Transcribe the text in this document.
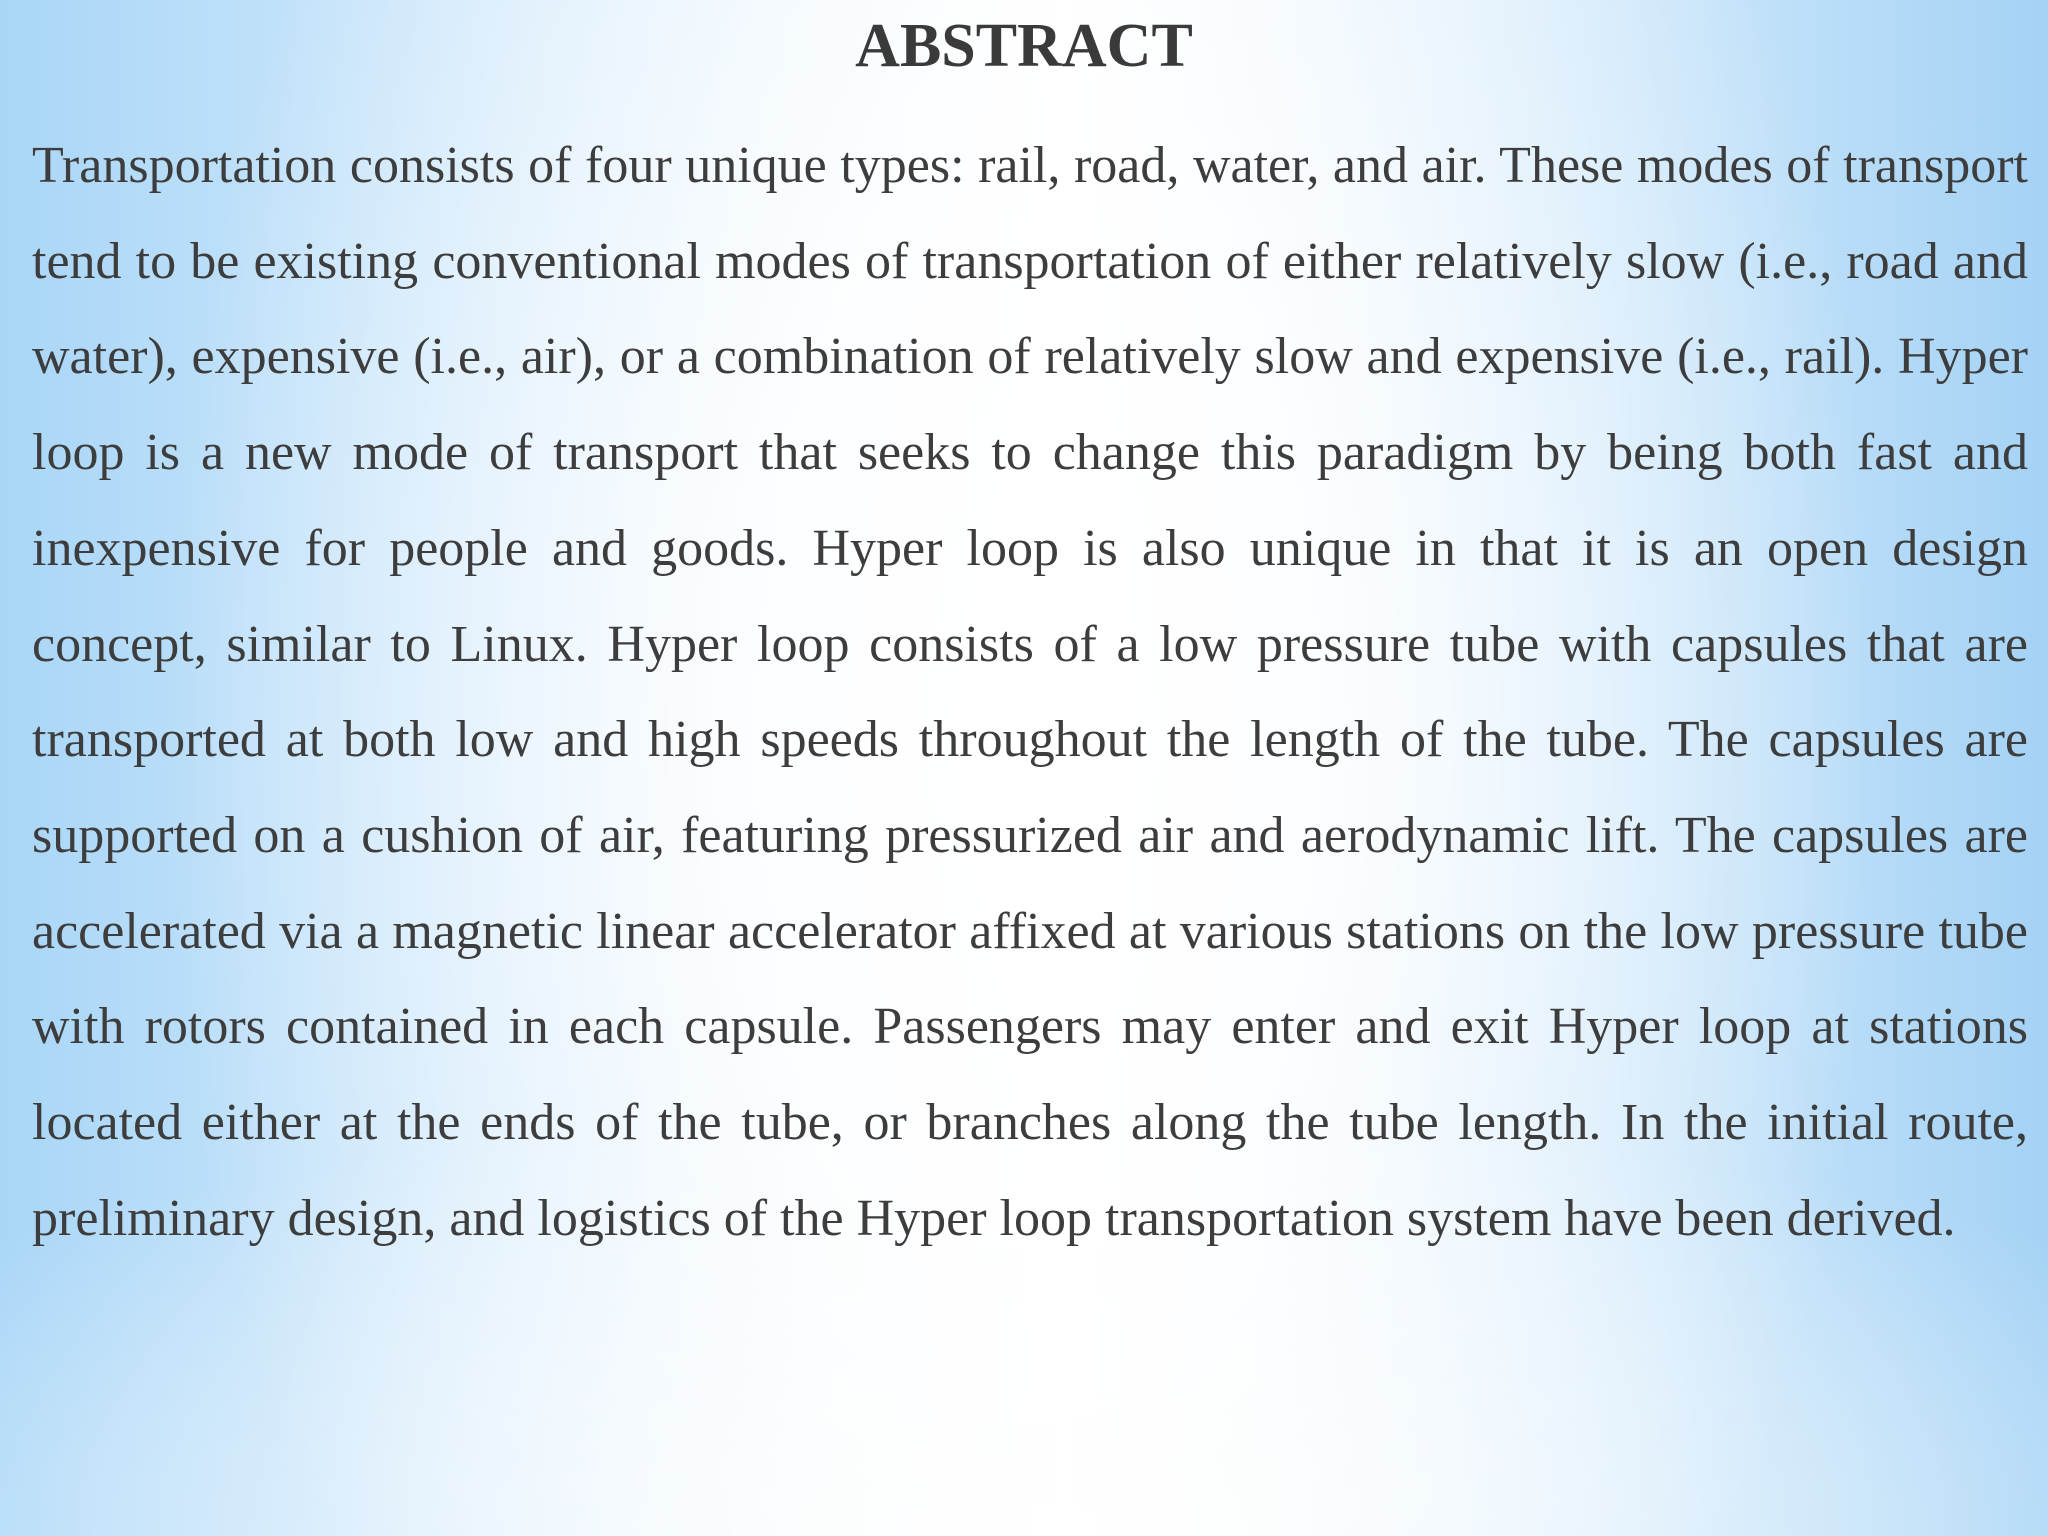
ABSTRACT

Transportation consists of four unique types: rail, road, water, and air. These modes of transport tend to be existing conventional modes of transportation of either relatively slow (i.e., road and water), expensive (i.e., air), or a combination of relatively slow and expensive (i.e., rail). Hyper loop is a new mode of transport that seeks to change this paradigm by being both fast and inexpensive for people and goods. Hyper loop is also unique in that it is an open design concept, similar to Linux. Hyper loop consists of a low pressure tube with capsules that are transported at both low and high speeds throughout the length of the tube. The capsules are supported on a cushion of air, featuring pressurized air and aerodynamic lift. The capsules are accelerated via a magnetic linear accelerator affixed at various stations on the low pressure tube with rotors contained in each capsule. Passengers may enter and exit Hyper loop at stations located either at the ends of the tube, or branches along the tube length. In the initial route, preliminary design, and logistics of the Hyper loop transportation system have been derived.
